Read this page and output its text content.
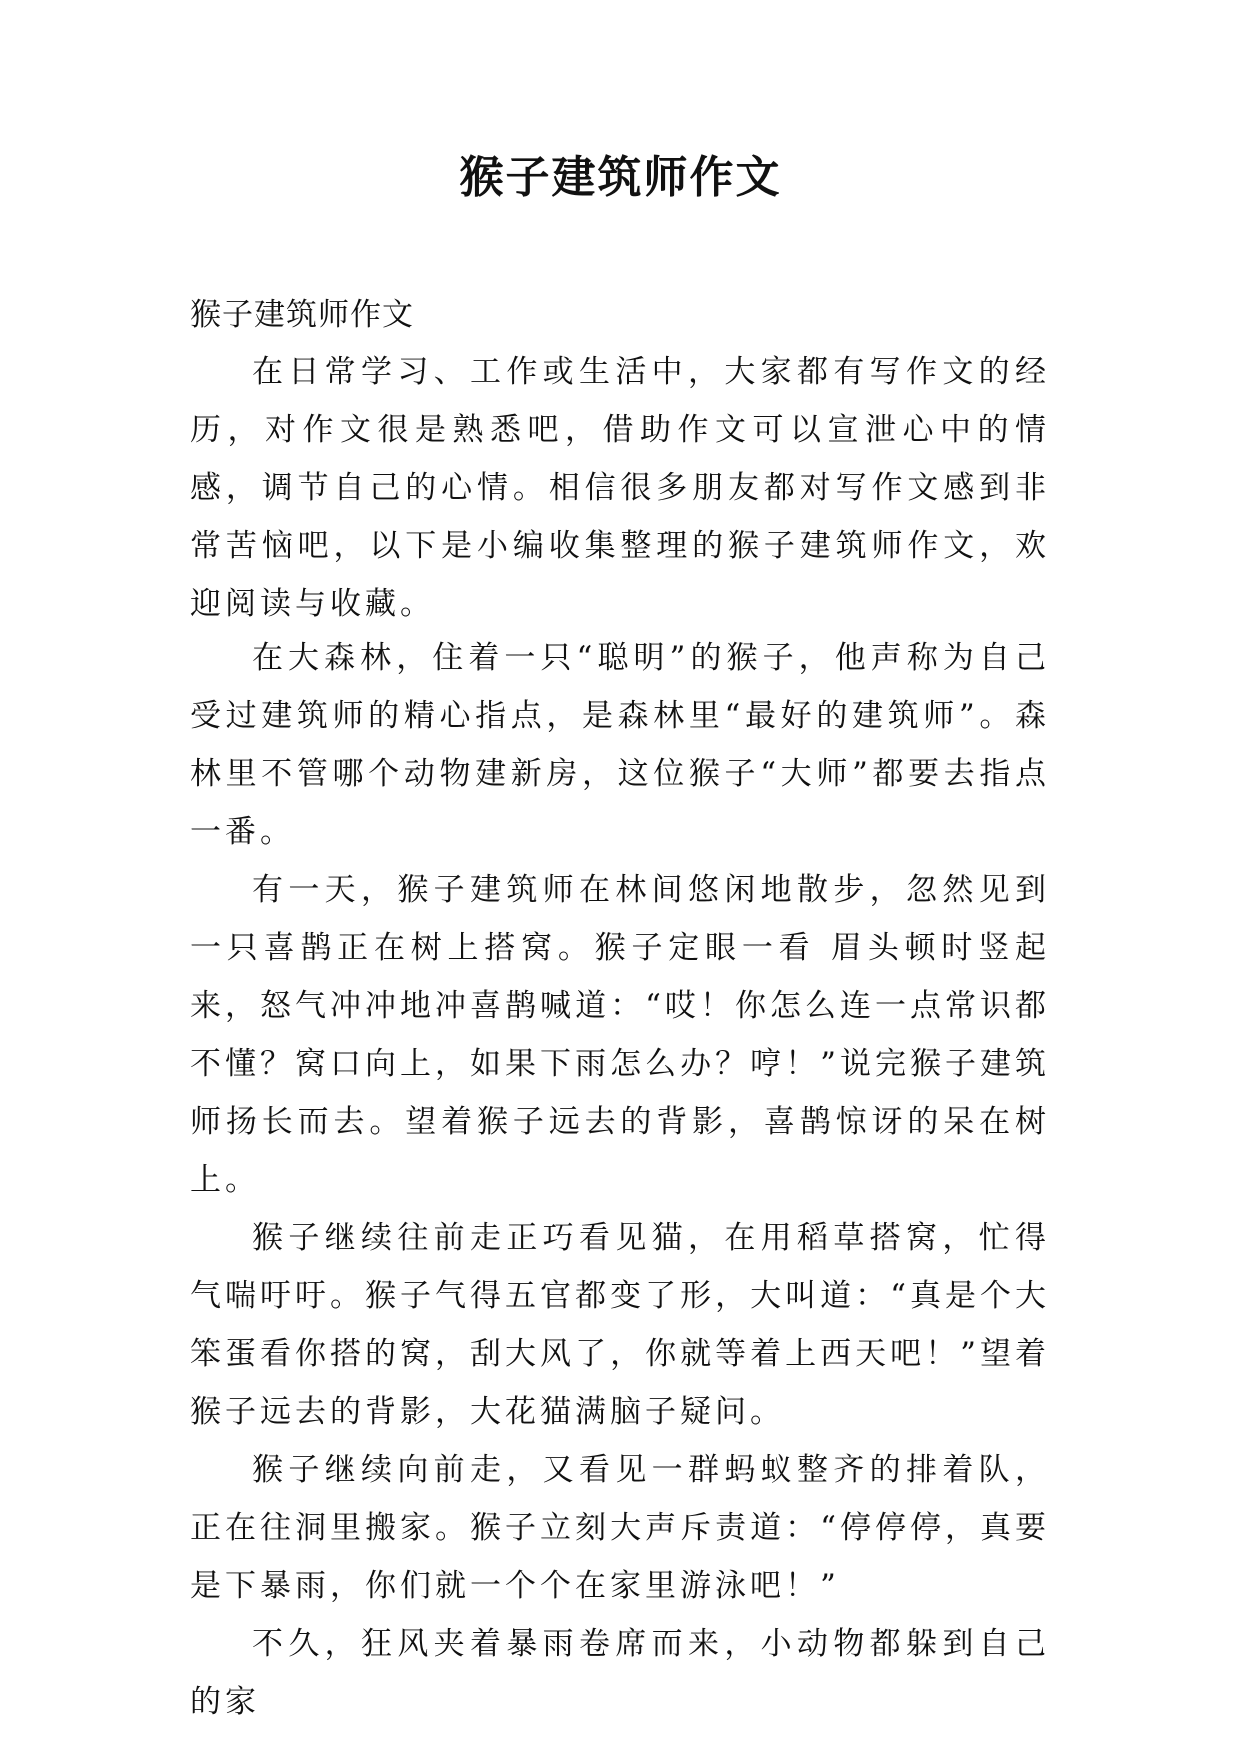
猴子建筑师作文
猴子建筑师作文

在日常学习、工作或生活中，大家都有写作文的经历，对作文很是熟悉吧，借助作文可以宣泄心中的情感，调节自己的心情。相信很多朋友都对写作文感到非常苦恼吧，以下是小编收集整理的猴子建筑师作文，欢迎阅读与收藏。

在大森林，住着一只“聪明”的猴子，他声称为自己受过建筑师的精心指点，是森林里“最好的建筑师”。森林里不管哪个动物建新房，这位猴子“大师”都要去指点一番。

有一天，猴子建筑师在林间悠闲地散步，忽然见到一只喜鹊正在树上搭窝。猴子定眼一看 眉头顿时竖起来，怒气冲冲地冲喜鹊喊道：“哎！你怎么连一点常识都不懂？窝口向上，如果下雨怎么办？哼！”说完猴子建筑师扬长而去。望着猴子远去的背影，喜鹊惊讶的呆在树上。

猴子继续往前走正巧看见猫，在用稻草搭窝，忙得气喘吁吁。猴子气得五官都变了形，大叫道：“真是个大笨蛋看你搭的窝，刮大风了，你就等着上西天吧！”望着猴子远去的背影，大花猫满脑子疑问。

猴子继续向前走，又看见一群蚂蚁整齐的排着队，正在往洞里搬家。猴子立刻大声斥责道：“停停停，真要是下暴雨，你们就一个个在家里游泳吧！”

不久，狂风夹着暴雨卷席而来，小动物都躲到自己的家
